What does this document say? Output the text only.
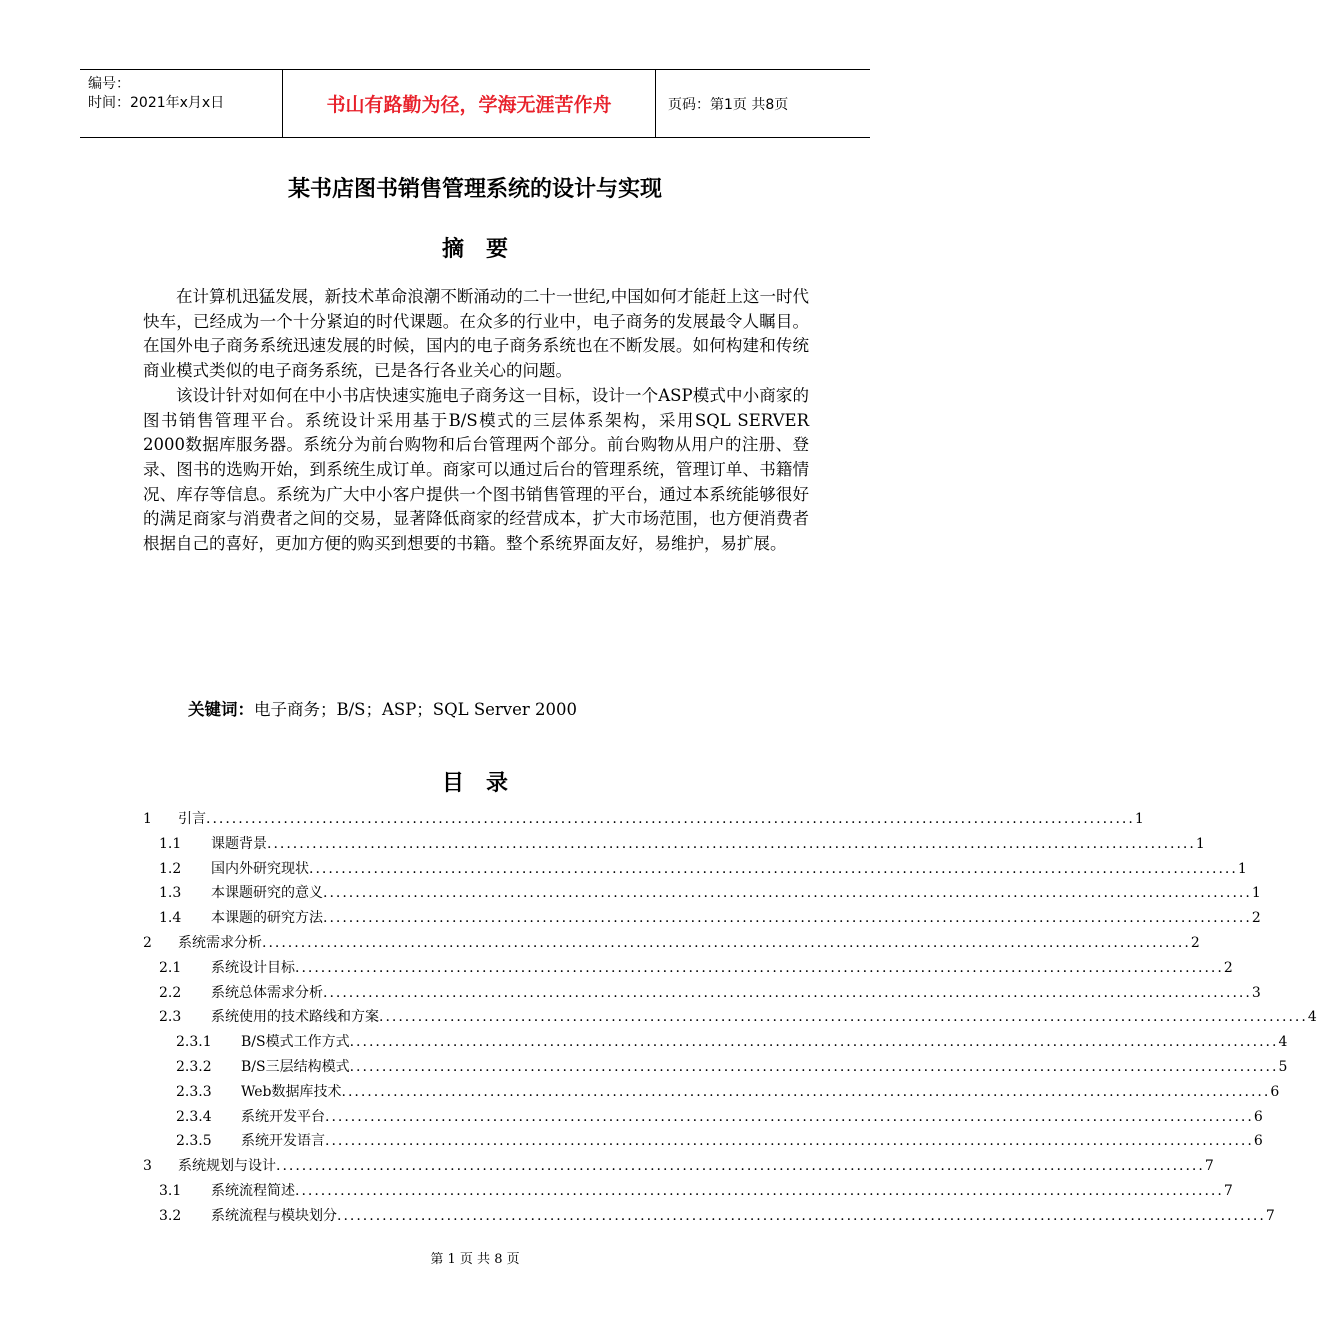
编号：
时间：2021年x月x日	书山有路勤为径，学海无涯苦作舟	页码：第1页 共8页
某书店图书销售管理系统的设计与实现
摘要

在计算机迅猛发展，新技术革命浪潮不断涌动的二十一世纪,中国如何才能赶上这一时代快车，已经成为一个十分紧迫的时代课题。在众多的行业中，电子商务的发展最令人瞩目。在国外电子商务系统迅速发展的时候，国内的电子商务系统也在不断发展。如何构建和传统商业模式类似的电子商务系统，已是各行各业关心的问题。

该设计针对如何在中小书店快速实施电子商务这一目标，设计一个ASP模式中小商家的图书销售管理平台。系统设计采用基于B/S模式的三层体系架构，采用SQL SERVER 2000数据库服务器。系统分为前台购物和后台管理两个部分。前台购物从用户的注册、登录、图书的选购开始，到系统生成订单。商家可以通过后台的管理系统，管理订单、书籍情况、库存等信息。系统为广大中小客户提供一个图书销售管理的平台，通过本系统能够很好的满足商家与消费者之间的交易，显著降低商家的经营成本，扩大市场范围，也方便消费者根据自己的喜好，更加方便的购买到想要的书籍。整个系统界面友好，易维护，易扩展。

关键词：电子商务；B/S；ASP；SQL Server 2000
目录
1	引言 ................................................................................................................................................ 1
1.1	课题背景 ................................................................................................................................................ 1
1.2	国内外研究现状 ................................................................................................................................................ 1
1.3	本课题研究的意义 ................................................................................................................................................ 1
1.4	本课题的研究方法 ................................................................................................................................................ 2
2	系统需求分析 ................................................................................................................................................ 2
2.1	系统设计目标 ................................................................................................................................................ 2
2.2	系统总体需求分析 ................................................................................................................................................ 3
2.3	系统使用的技术路线和方案 ................................................................................................................................................ 4
2.3.1	B/S模式工作方式 ................................................................................................................................................ 4
2.3.2	B/S三层结构模式 ................................................................................................................................................ 5
2.3.3	Web数据库技术 ................................................................................................................................................ 6
2.3.4	系统开发平台 ................................................................................................................................................ 6
2.3.5	系统开发语言 ................................................................................................................................................ 6
3	系统规划与设计 ................................................................................................................................................ 7
3.1	系统流程简述 ................................................................................................................................................ 7
3.2	系统流程与模块划分 ................................................................................................................................................ 7
第 1 页 共 8 页
